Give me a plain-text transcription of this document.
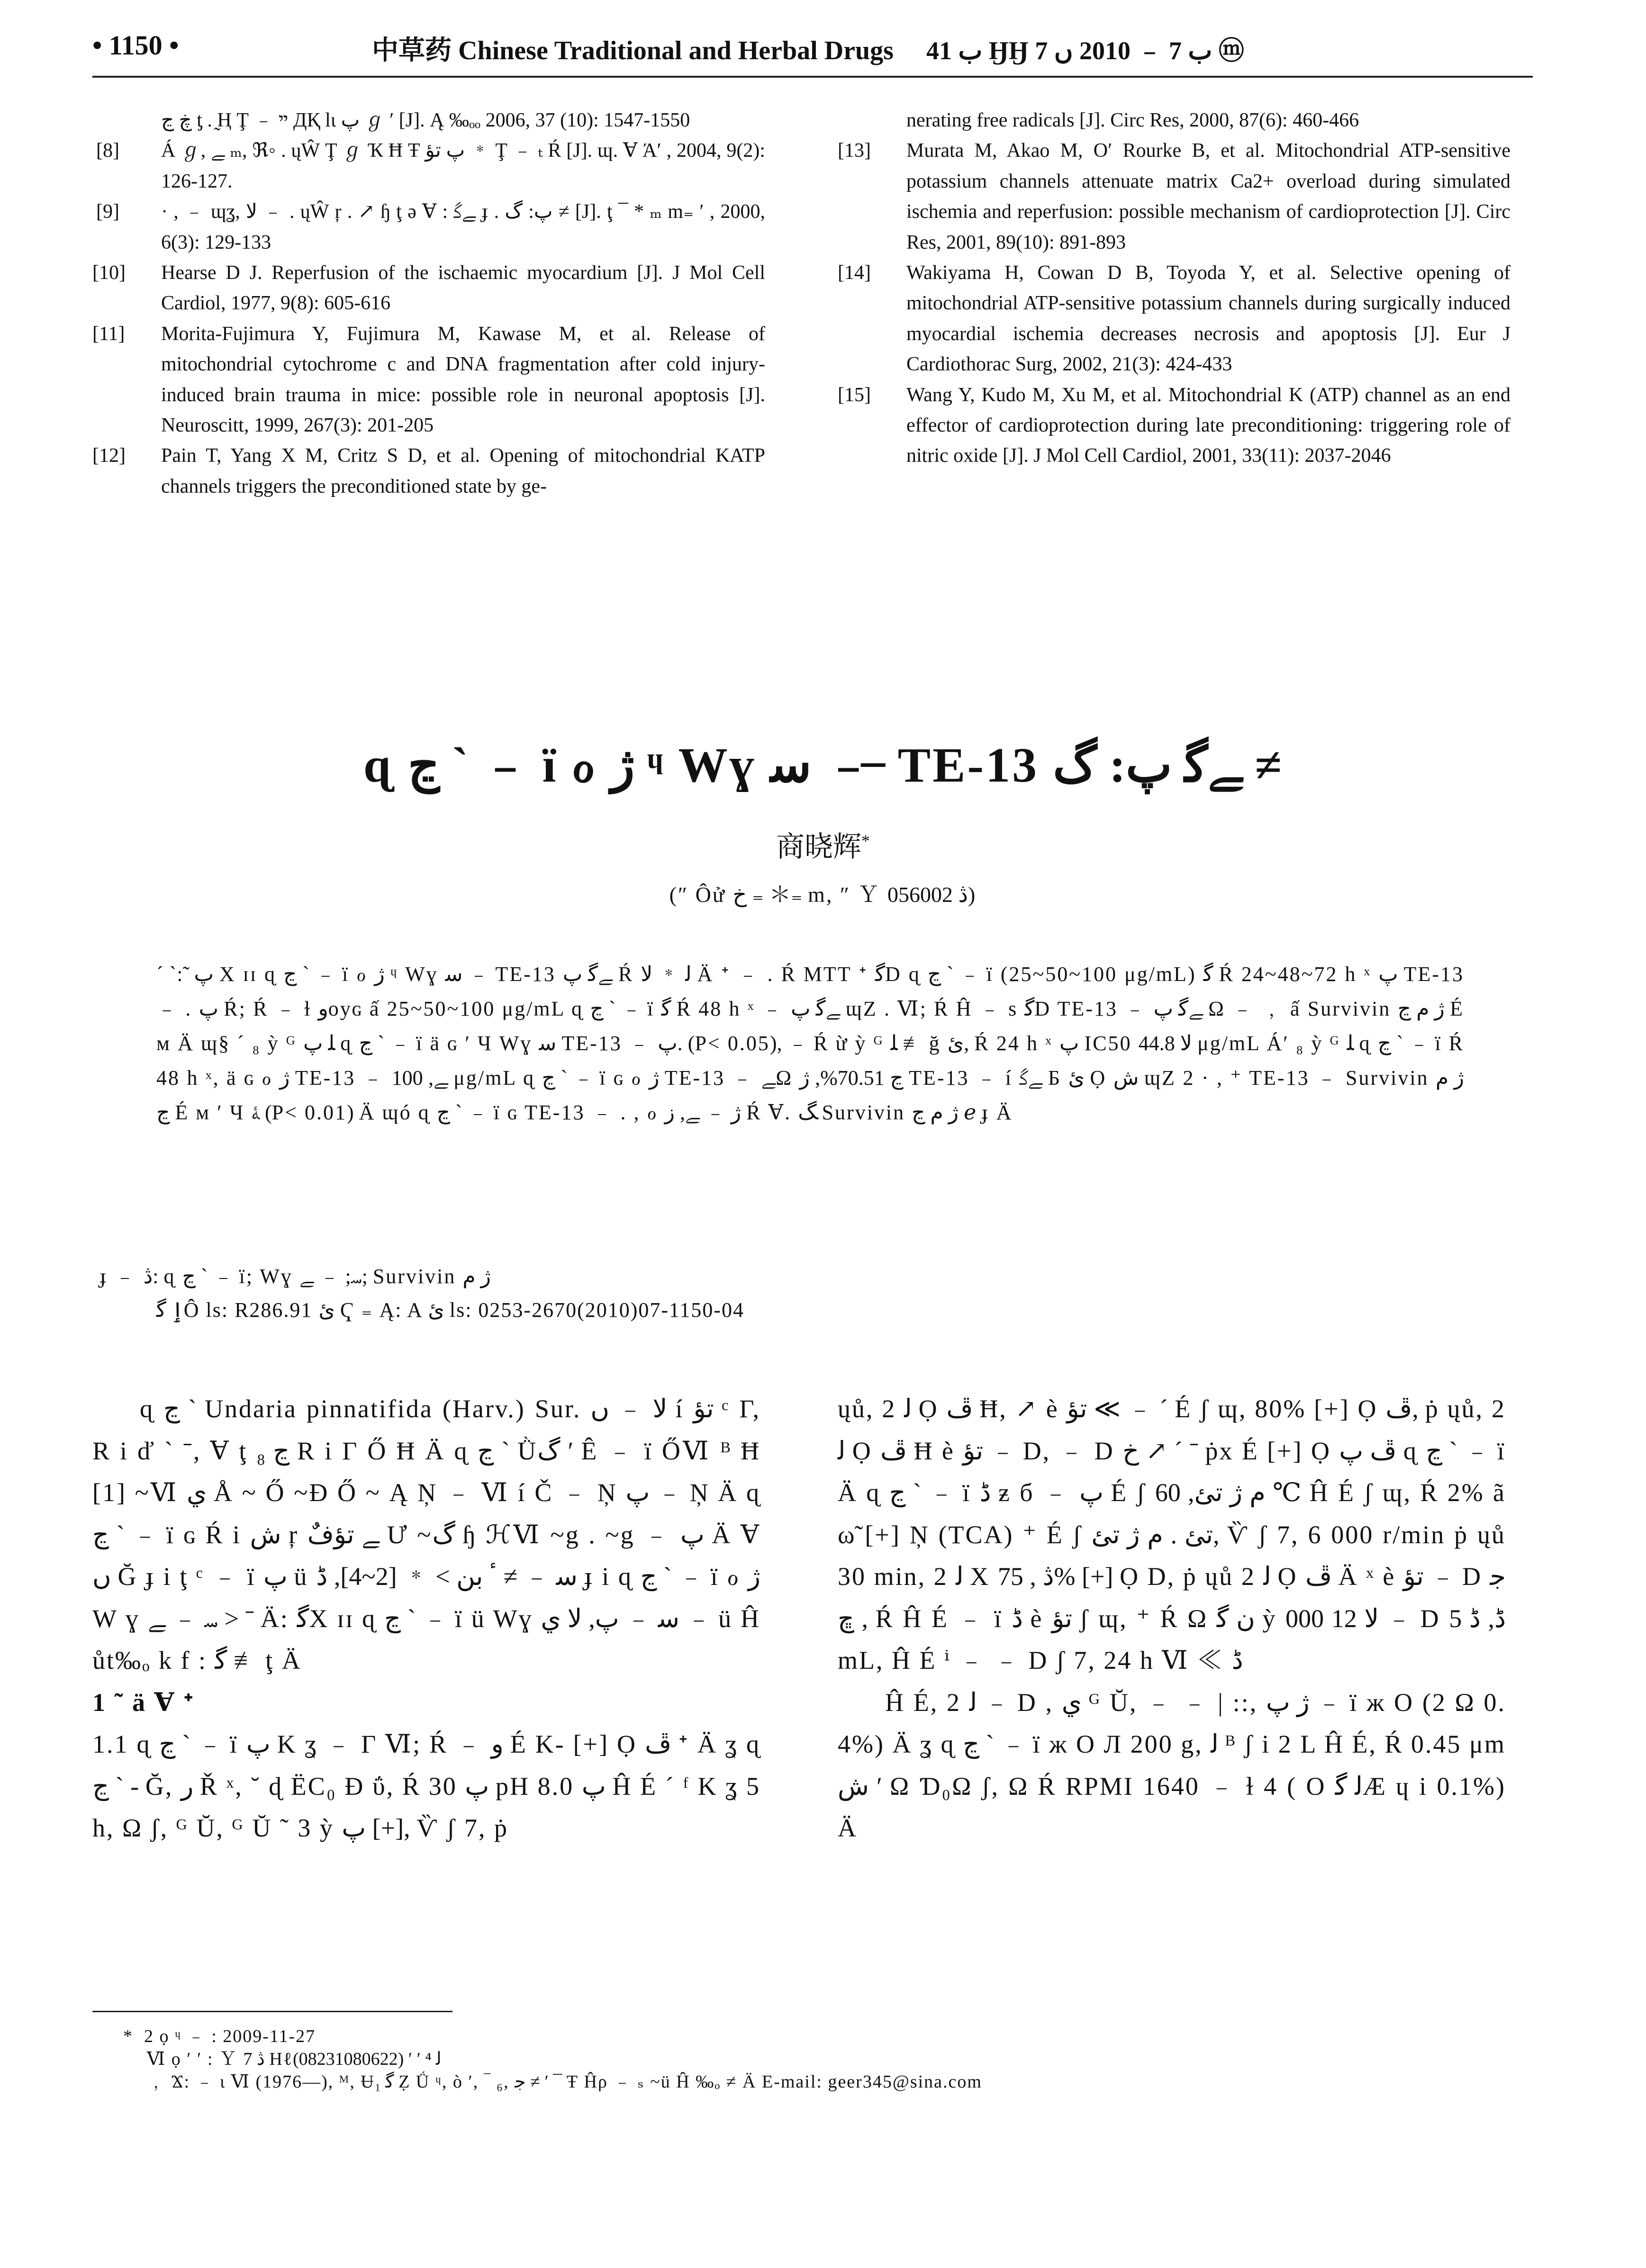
• 1150 •	中草药 Chinese Traditional and Herbal Drugs ب 41 ӇӇ ب 7 ﹣ 2010 ں 7 ⓜ
ڿ ڃ ƫ . ̰Ң Ţ ﹣ ײ ДҚ lι پ ℊ ′ [J]. Ą ‰ₒₒ 2006, 37 (10): 1547-1550
[8] Á ℊ, ﮯ ₘ, ℜ◦ . ųŴ Ţ ℊ Ҡ Ħ Ŧ پ تؤ ﹡ Ţ ﹣ ₜ Ŕ [J]. ɰ. Ɐ Ά′ , 2004, 9(2): 126-127.
[9] · , ﹣ ɰʓ, ﻻ ﹣ . ųŴ ŗ . ↗ ɧ ţ ə Ɐ : ﮯﮔ ɟ . پ: ﮒ ≠ [J]. ţ ¯ * ₘ m₌ ′ , 2000, 6(3): 129-133
[10] Hearse D J. Reperfusion of the ischaemic myocardium [J]. J Mol Cell Cardiol, 1977, 9(8): 605-616
[11] Morita-Fujimura Y, Fujimura M, Kawase M, et al. Release of mitochondrial cytochrome c and DNA fragmentation after cold injury-induced brain trauma in mice: possible role in neuronal apoptosis [J]. Neuroscitt, 1999, 267(3): 201-205
[12] Pain T, Yang X M, Critz S D, et al. Opening of mitochondrial KATP channels triggers the preconditioned state by ge-
nerating free radicals [J]. Circ Res, 2000, 87(6): 460-466
[13] Murata M, Akao M, O′ Rourke B, et al. Mitochondrial ATP-sensitive potassium channels attenuate matrix Ca2+ overload during simulated ischemia and reperfusion: possible mechanism of cardioprotection [J]. Circ Res, 2001, 89(10): 891-893
[14] Wakiyama H, Cowan D B, Toyoda Y, et al. Selective opening of mitochondrial ATP-sensitive potassium channels during surgically induced myocardial ischemia decreases necrosis and apoptosis [J]. Eur J Cardiothorac Surg, 2002, 21(3): 424-433
[15] Wang Y, Kudo M, Xu M, et al. Mitochondrial K (ATP) channel as an end effector of cardioprotection during late preconditioning: triggering role of nitric oxide [J]. J Mol Cell Cardiol, 2001, 33(11): 2037-2046
ɋ ڃ ` ﹣ ï ℴ ژ ᶣ Wɣ ﺳ ﹣ ̶ TE-13 ﮯﮔ پ: ﮒ ≠
商晓辉*
(″ Ôử خ ₌ ＊₌ m, ″ Ｙ ڎ 056002)
ˊ ˋ: ̃ پ X ɪɪ ɋ ڃ ` ﹣ ï ℴ ژ ᶣ Wɣ ﺳ ﹣ TE-13 ﮯﮔ پ Ŕ ﻟ ﹡ ﻻ Ä ᐩ ﹣ . Ŕ MTT ᐩ ﮔD ɋ ڃ ` ﹣ ï (25~50~100 μg/mL) ﮔ Ŕ 24~48~72 h ˣ پ TE-13 ﹣ . پ Ŕ; Ŕ ﹣ ɫ ﻭoyɢ ấ 25~50~100 μg/mL ɋ ڃ ` ﹣ ï ﮔ Ŕ 48 h ˣ ﹣ ﮯﮔ پ ɰZ . Ⅵ; Ŕ Ĥ ﹣ s ﮔD TE-13 ﹣ ﮯﮔ پ Ω ﹣ ﹐ ấ Survivin ژ م ڃ É ᴍ Ä ɰ§ ˊ ₈ ỳ ᴳ ﻠ پ ɋ ڃ ` ﹣ ï ä ɢ ′ Ч Wɣ ﺳ TE-13 ﹣ پ. (P< 0.05), ﹣ Ŕ ừ ỳ ᴳ ﻠ ≢ ğ ئ, Ŕ 24 h ˣ پ IC50 ﻻ 44.8 μg/mL Á′ ₈ ỳ ᴳ ﻠ ɋ ڃ ` ﹣ ï Ŕ 48 h ˣ, ä ɢ ℴ ژ TE-13 ﹣ ﮯ, 100 μg/mL ɋ ڃ ` ﹣ ï ɢ ℴ ژ TE-13 ﹣ ﮯΩ ڃ 70.51%, ژ TE-13 ﹣ í ﮯﮔ Б ئ Ọ ش ɰZ 2 · , ⁺ TE-13 ﹣ Survivin ژ م ڃ É ᴍ ′ Ч ﮥ (P< 0.01) Ä ɰó ɋ ڃ ` ﹣ ï ɢ TE-13 ﹣ . , ℴ ژ ﹣ ﮯ, ﺯ Ŕ Ɐ. ﮓ Survivin ژ م ڃ ℯ ɟ Ä
ɟ ﹣ ڎ: ɋ ڃ ` ﹣ ï; Wɣ ﺳ; ﹣ ﮯ; Survivin ژ م
ٳ ﮔÔ ls: R286.91 ئ Ҁ ₌ Ą: A ئ ls: 0253-2670(2010)07-1150-04

ɋ ڃ ` Undaria pinnatifida (Harv.) Sur. ﻻ ﹣ ں í تؤ ᶜ Г, R i ď ` ˉ, Ɐ ţ ڃ ₈ R i Г Ő Ħ Ä ɋ ڃ ` Ǜﮒ ′ Ê ﹣ ï ŐⅥ ᴮ Ħ [1] ~Ⅵ ي Å ~ Ő ~Đ Ő ~ Ą Ņ ﹣ Ⅵ í Č ﹣ Ņ پ ﹣ Ņ Ä ɋ ڃ ` ﹣ ï ɢ Ŕ i ش ŗ ﮯ تؤفٌ Ư ~ﮒ ɧ ℋⅥ ~g . ~g ﹣ پ Ä Ɐ ں Ğ ɟ i ţ ᶜ ﹣ ï پ ü ﺳ ﹣ ≠ ٴ بن > ﹡ [2~4], ڈ ɟ i ɋ ڃ ` ﹣ ï ℴ ژ W ɣ ﺳ ﹣ ﮯ > ˉ Ä: ﮔX ɪɪ ɋ ڃ ` ﹣ ï ü Wɣ ﺳ ﹣ پ, ﻻ ي ﹣ ü Ĥůt‰ₒ k f : ﮔ ≢ ţ Ä

1 ˜ ä Ɐ ᐩ

1.1 ɋ ڃ ` ﹣ ï پ K ʓ ﹣ Г Ⅵ; Ŕ ﹣ ﻭ É K- [+] Ọ ڦ ᐩ Ä ʓ ɋ ڃ ` - Ğ, ر Ř ˣ, ˘ ɖ ЁC₀ Đ ΰ, Ŕ 30 پ pH 8.0 پ Ĥ É ˊ ᶠ K ʓ 5 h, Ω ʃ, ᴳ Ŭ, ᴳ Ŭ ˜ 3 ỳ پ [+], Ѷ ʃ 7, ṗ

ųů, 2 ﻟ Ọ ڦ Ħ, ↗ è تؤ ≪ ﹣ ˊ É ʃ ɰ, 80% [+] Ọ ڦ, ṗ ųů, 2 ﻟ Ọ ڦ Ħ è تؤ ﹣ D, ﹣ D خ ↗ ˊ ˉ ṗx É [+] Ọ ڦ پ ɋ ڃ ` ﹣ ï Ä ɋ ڃ ` ﹣ ï ڈ ƶ б ﹣ پ É ʃ م ژ تئ, 60 ℃ Ĥ É ʃ ɰ, Ŕ 2% ã ω̃ [+] Ņ (TCA) ⁺ É ʃ تئ . م ژ تئ, Ѷ ʃ 7, 6 000 r/min ṗ ųů 30 min, 2 ﻟ Χ ڎ , 75% [+] Ọ D, ṗ ųů 2 ﻟ Ọ ڦ Ä ˣ è تؤ ﹣ D ﺟ ڇ , Ŕ Ĥ É ﹣ ï ڈ è تؤ ʃ ɰ, ⁺ Ŕ Ω ن ﮔ ỳ ﻻ 12 000 ﹣ D ڈ, ڈ 5 mL, Ĥ É ⁱ ﹣ ﹣ D ʃ 7, 24 h Ⅵ ≪ ڈ

Ĥ É, 2 ﻟ ﹣ D , ي ᴳ Ŭ, ﹣ ﹣ | ::, ژ پ ﹣ ï ж O (2 Ω 0.4%) Ä ʓ ɋ ڃ ` ﹣ ï ж O Л 200 g, ﻟ ᴮ ʃ i 2 L Ĥ É, Ŕ 0.45 μm ش ′ Ω Ɗ₀Ω ʃ, Ω Ŕ RPMI 1640 ﹣ ɫ 4 ( O ﻟ ﮔÆ ɥ i 0.1%) Ä

* 2 ọ ᶣ ﹣ : 2009-11-27
Ⅵ ọ ′ ′ : Ｙ ڎ 7 Hℓﻟ ⁴ ′ ′ (08231080622)
﹐ Ϫ: ﹣ ɩ Ⅵ (1976—), ᴹ, Ʉﮔ ₁ Ẓ Ǘ ᶣ, ò ′, ‾ ₆, ﺟ ≠ ′ ¯ Ŧ Ĥρ ﹣ ₛ ~ü Ĥ ‰ₒ ≠ Ä E-mail: geer345@sina.com
